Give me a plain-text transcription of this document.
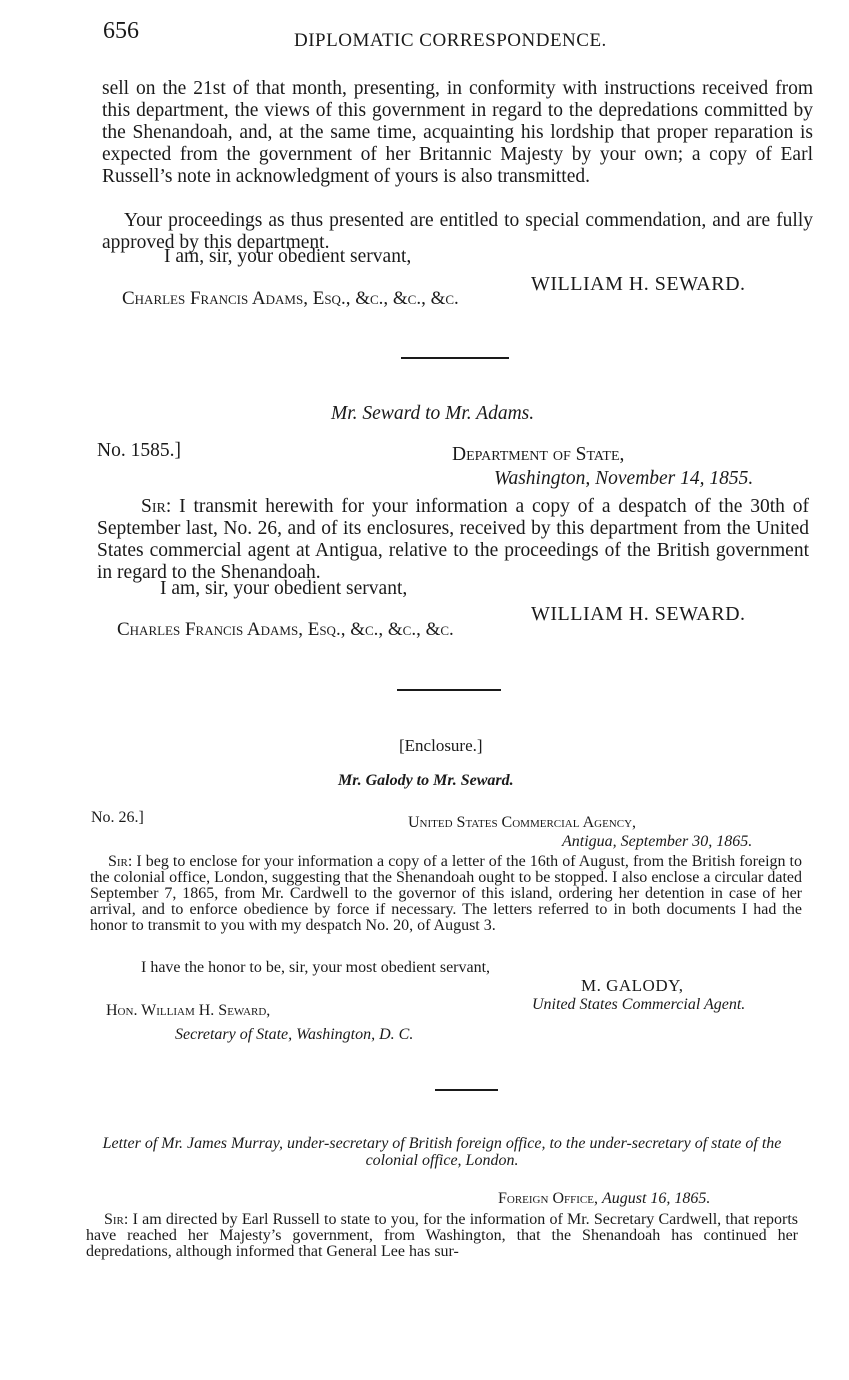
656	DIPLOMATIC CORRESPONDENCE.
sell on the 21st of that month, presenting, in conformity with instructions received from this department, the views of this government in regard to the depredations committed by the Shenandoah, and, at the same time, acquainting his lordship that proper reparation is expected from the government of her Britannic Majesty by your own; a copy of Earl Russell’s note in acknowledgment of yours is also transmitted.
Your proceedings as thus presented are entitled to special commendation, and are fully approved by this department.
I am, sir, your obedient servant,
WILLIAM H. SEWARD.
Charles Francis Adams, Esq., &c., &c., &c.
Mr. Seward to Mr. Adams.
No. 1585.]	Department of State,
Washington, November 14, 1855.
Sir: I transmit herewith for your information a copy of a despatch of the 30th of September last, No. 26, and of its enclosures, received by this department from the United States commercial agent at Antigua, relative to the proceedings of the British government in regard to the Shenandoah.
I am, sir, your obedient servant,
WILLIAM H. SEWARD.
Charles Francis Adams, Esq., &c., &c., &c.
[Enclosure.]
Mr. Galody to Mr. Seward.
No. 26.]	United States Commercial Agency,
Antigua, September 30, 1865.
Sir: I beg to enclose for your information a copy of a letter of the 16th of August, from the British foreign to the colonial office, London, suggesting that the Shenandoah ought to be stopped. I also enclose a circular dated September 7, 1865, from Mr. Cardwell to the governor of this island, ordering her detention in case of her arrival, and to enforce obedience by force if necessary. The letters referred to in both documents I had the honor to transmit to you with my despatch No. 20, of August 3.
I have the honor to be, sir, your most obedient servant,
M. GALODY,
United States Commercial Agent.
Hon. William H. Seward,
Secretary of State, Washington, D. C.
Letter of Mr. James Murray, under-secretary of British foreign office, to the under-secretary of state of the colonial office, London.
Foreign Office, August 16, 1865.
Sir: I am directed by Earl Russell to state to you, for the information of Mr. Secretary Cardwell, that reports have reached her Majesty’s government, from Washington, that the Shenandoah has continued her depredations, although informed that General Lee has sur-
